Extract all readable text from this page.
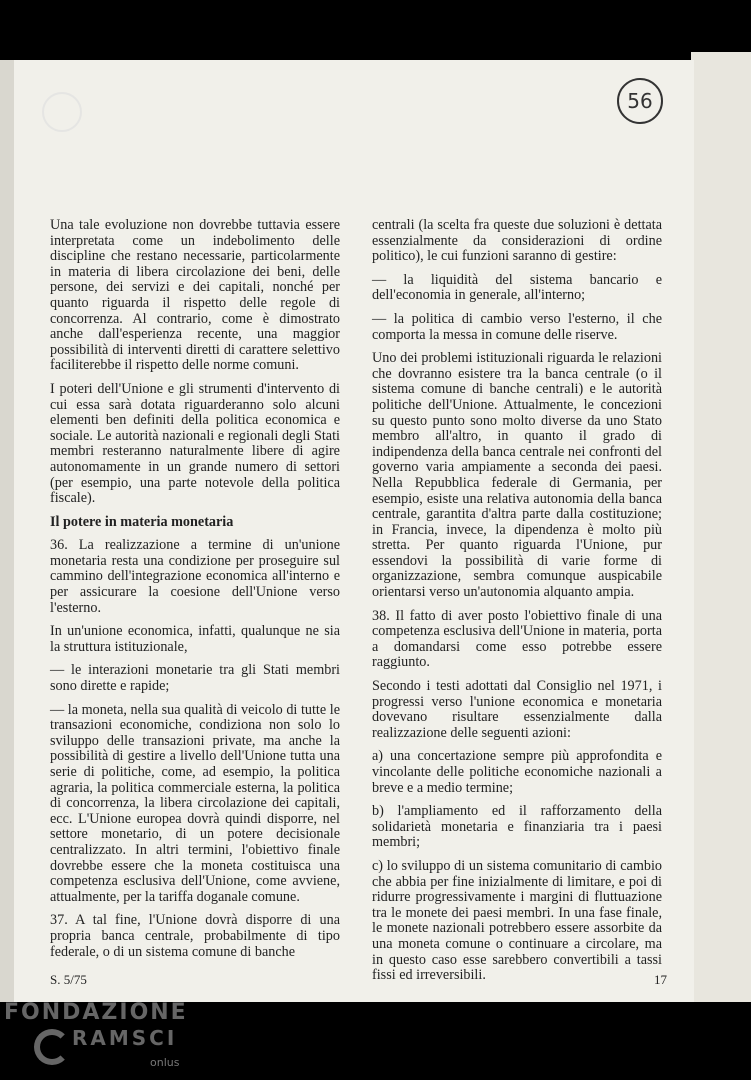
56

Una tale evoluzione non dovrebbe tuttavia essere interpretata come un indebolimento delle discipline che restano necessarie, particolarmente in materia di libera circolazione dei beni, delle persone, dei servizi e dei capitali, nonché per quanto riguarda il rispetto delle regole di concorrenza. Al contrario, come è dimostrato anche dall'esperienza recente, una maggior possibilità di interventi diretti di carattere selettivo faciliterebbe il rispetto delle norme comuni.

I poteri dell'Unione e gli strumenti d'intervento di cui essa sarà dotata riguarderanno solo alcuni elementi ben definiti della politica economica e sociale. Le autorità nazionali e regionali degli Stati membri resteranno naturalmente libere di agire autonomamente in un grande numero di settori (per esempio, una parte notevole della politica fiscale).

Il potere in materia monetaria

36. La realizzazione a termine di un'unione monetaria resta una condizione per proseguire sul cammino dell'integrazione economica all'interno e per assicurare la coesione dell'Unione verso l'esterno.

In un'unione economica, infatti, qualunque ne sia la struttura istituzionale,

— le interazioni monetarie tra gli Stati membri sono dirette e rapide;

— la moneta, nella sua qualità di veicolo di tutte le transazioni economiche, condiziona non solo lo sviluppo delle transazioni private, ma anche la possibilità di gestire a livello dell'Unione tutta una serie di politiche, come, ad esempio, la politica agraria, la politica commerciale esterna, la politica di concorrenza, la libera circolazione dei capitali, ecc. L'Unione europea dovrà quindi disporre, nel settore monetario, di un potere decisionale centralizzato. In altri termini, l'obiettivo finale dovrebbe essere che la moneta costituisca una competenza esclusiva dell'Unione, come avviene, attualmente, per la tariffa doganale comune.

37. A tal fine, l'Unione dovrà disporre di una propria banca centrale, probabilmente di tipo federale, o di un sistema comune di banche

centrali (la scelta fra queste due soluzioni è dettata essenzialmente da considerazioni di ordine politico), le cui funzioni saranno di gestire:

— la liquidità del sistema bancario e dell'economia in generale, all'interno;

— la politica di cambio verso l'esterno, il che comporta la messa in comune delle riserve.

Uno dei problemi istituzionali riguarda le relazioni che dovranno esistere tra la banca centrale (o il sistema comune di banche centrali) e le autorità politiche dell'Unione. Attualmente, le concezioni su questo punto sono molto diverse da uno Stato membro all'altro, in quanto il grado di indipendenza della banca centrale nei confronti del governo varia ampiamente a seconda dei paesi. Nella Repubblica federale di Germania, per esempio, esiste una relativa autonomia della banca centrale, garantita d'altra parte dalla costituzione; in Francia, invece, la dipendenza è molto più stretta. Per quanto riguarda l'Unione, pur essendovi la possibilità di varie forme di organizzazione, sembra comunque auspicabile orientarsi verso un'autonomia alquanto ampia.

38. Il fatto di aver posto l'obiettivo finale di una competenza esclusiva dell'Unione in materia, porta a domandarsi come esso potrebbe essere raggiunto.

Secondo i testi adottati dal Consiglio nel 1971, i progressi verso l'unione economica e monetaria dovevano risultare essenzialmente dalla realizzazione delle seguenti azioni:

a) una concertazione sempre più approfondita e vincolante delle politiche economiche nazionali a breve e a medio termine;

b) l'ampliamento ed il rafforzamento della solidarietà monetaria e finanziaria tra i paesi membri;

c) lo sviluppo di un sistema comunitario di cambio che abbia per fine inizialmente di limitare, e poi di ridurre progressivamente i margini di fluttuazione tra le monete dei paesi membri. In una fase finale, le monete nazionali potrebbero essere assorbite da una moneta comune o continuare a circolare, ma in questo caso esse sarebbero convertibili a tassi fissi ed irreversibili.

S. 5/75	17
FONDAZIONE
RAMSCI
onlus
